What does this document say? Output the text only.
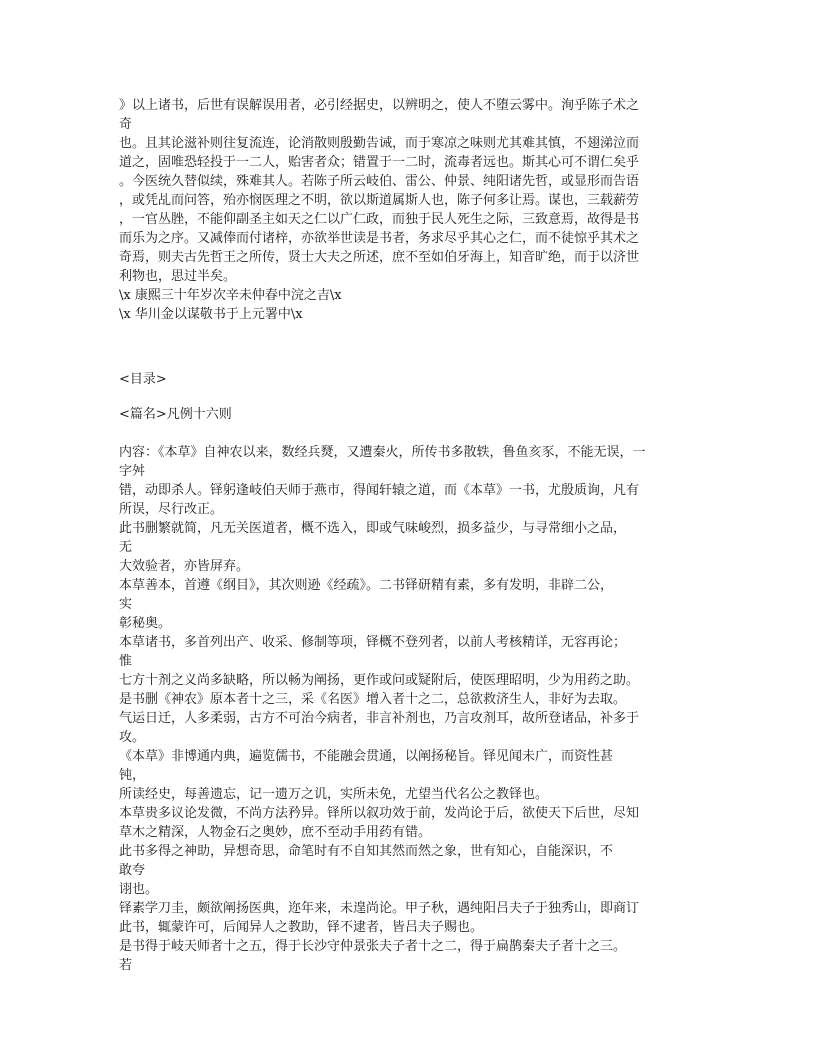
》以上诸书，后世有误解误用者，必引经据史，以辨明之，使人不堕云雾中。洵乎陈子术之
奇
也。且其论滋补则往复流连，论消散则殷勤告诫，而于寒凉之味则尤其难其慎，不翅涕泣而
道之，固唯恐轻投于一二人，贻害者众；错置于一二时，流毒者远也。斯其心可不谓仁矣乎
。今医统久替似续，殊难其人。若陈子所云岐伯、雷公、仲景、纯阳诸先哲，或显形而告语
，或凭乩而问答，殆亦悯医理之不明，欲以斯道属斯人也，陈子何多让焉。谋也，三载薪劳
，一官丛脞，不能仰副圣主如天之仁以广仁政，而独于民人死生之际，三致意焉，故得是书
而乐为之序。又减俸而付诸梓，亦欲举世读是书者，务求尽乎其心之仁，而不徒惊乎其术之
奇焉，则夫古先哲王之所传，贤士大夫之所述，庶不至如伯牙海上，知音旷绝，而于以济世
利物也，思过半矣。
\x 康熙三十年岁次辛未仲春中浣之吉\x
\x 华川金以谋敬书于上元署中\x
<目录>
<篇名>凡例十六则
内容：《本草》自神农以来，数经兵燹，又遭秦火，所传书多散轶，鲁鱼亥豕，不能无误，一
字舛
错，动即杀人。铎躬逢岐伯天师于燕市，得闻轩辕之道，而《本草》一书，尤殷质询，凡有
所误，尽行改正。
此书删繁就简，凡无关医道者，概不选入，即或气味峻烈，损多益少，与寻常细小之品，
无
大效验者，亦皆屏弃。
本草善本，首遵《纲目》，其次则逊《经疏》。二书铎研精有素，多有发明，非辟二公，
实
彰秘奥。
本草诸书，多首列出产、收采、修制等项，铎概不登列者，以前人考核精详，无容再论；
惟
七方十剂之义尚多缺略，所以畅为阐扬，更作或问或疑附后，使医理昭明，少为用药之助。
是书删《神农》原本者十之三，采《名医》增入者十之二，总欲救济生人，非好为去取。
气运日迁，人多柔弱，古方不可治今病者，非言补剂也，乃言攻剂耳，故所登诸品，补多于
攻。
《本草》非博通内典，遍览儒书，不能融会贯通，以阐扬秘旨。铎见闻未广，而资性甚
钝，
所读经史，每善遗忘，记一遗万之讥，实所未免，尤望当代名公之教铎也。
本草贵多议论发微，不尚方法矜异。铎所以叙功效于前，发尚论于后，欲使天下后世，尽知
草木之精深，人物金石之奥妙，庶不至动手用药有错。
此书多得之神助，异想奇思，命笔时有不自知其然而然之象，世有知心，自能深识，不
敢夸
诩也。
铎素学刀圭，颇欲阐扬医典，迩年来，未遑尚论。甲子秋，遇纯阳吕夫子于独秀山，即商订
此书，辄蒙许可，后闻异人之教助，铎不逮者，皆吕夫子赐也。
是书得于岐天师者十之五，得于长沙守仲景张夫子者十之二，得于扁鹊秦夫子者十之三。
若
